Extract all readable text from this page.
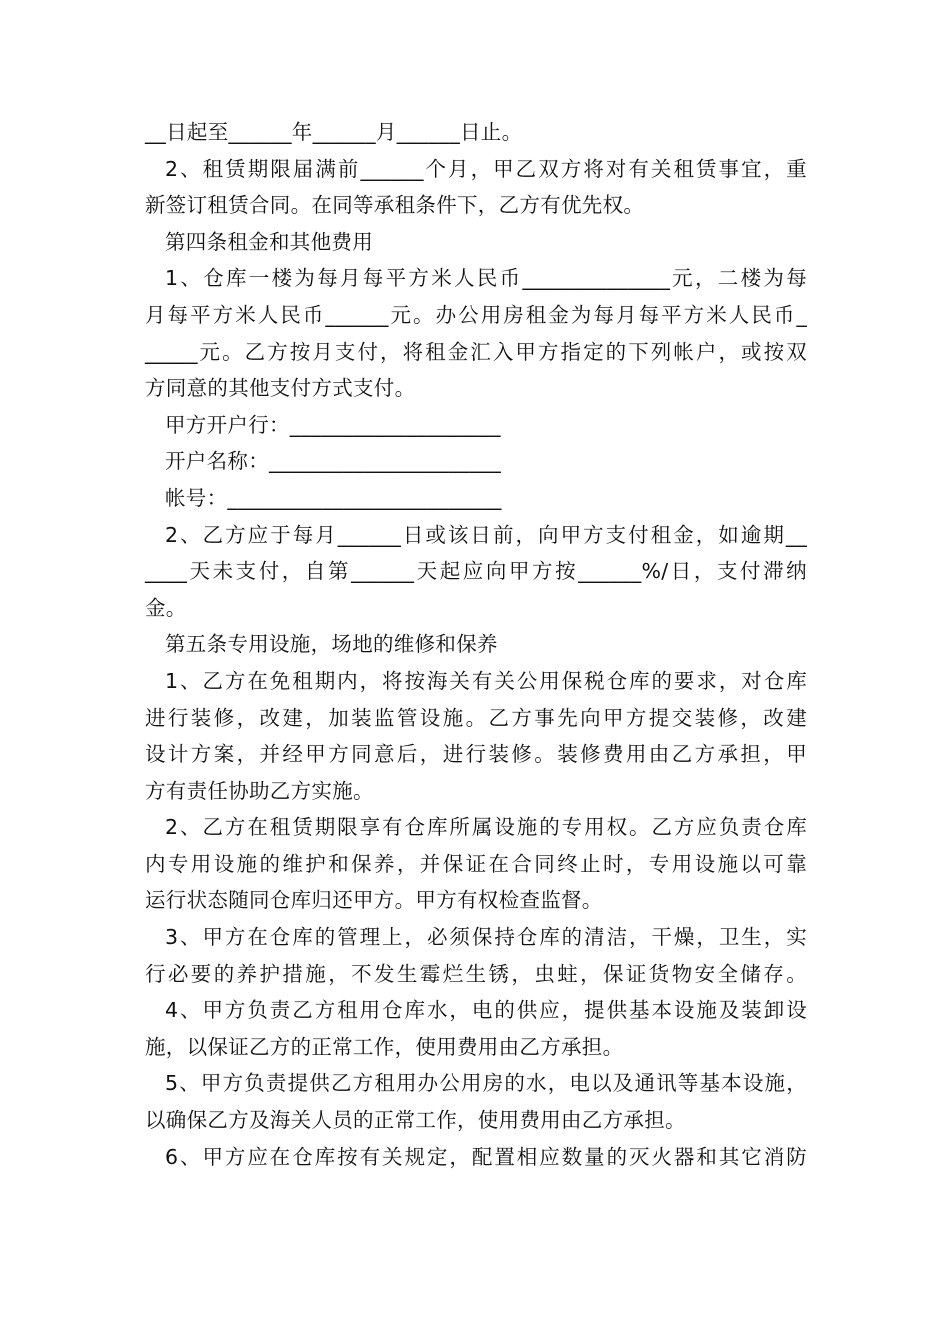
__日起至______年______月______日止。
2、租赁期限届满前______个月，甲乙双方将对有关租赁事宜，重
新签订租赁合同。在同等承租条件下，乙方有优先权。
第四条租金和其他费用
1、仓库一楼为每月每平方米人民币______________元，二楼为每
月每平方米人民币______元。办公用房租金为每月每平方米人民币_
_____元。乙方按月支付，将租金汇入甲方指定的下列帐户，或按双
方同意的其他支付方式支付。
甲方开户行：____________________
开户名称：______________________
帐号：__________________________
2、乙方应于每月______日或该日前，向甲方支付租金，如逾期__
____天未支付，自第______天起应向甲方按______%/日，支付滞纳
金。
第五条专用设施，场地的维修和保养
1、乙方在免租期内，将按海关有关公用保税仓库的要求，对仓库
进行装修，改建，加装监管设施。乙方事先向甲方提交装修，改建
设计方案，并经甲方同意后，进行装修。装修费用由乙方承担，甲
方有责任协助乙方实施。
2、乙方在租赁期限享有仓库所属设施的专用权。乙方应负责仓库
内专用设施的维护和保养，并保证在合同终止时，专用设施以可靠
运行状态随同仓库归还甲方。甲方有权检查监督。
3、甲方在仓库的管理上，必须保持仓库的清洁，干燥，卫生，实
行必要的养护措施，不发生霉烂生锈，虫蛀，保证货物安全储存。
4、甲方负责乙方租用仓库水，电的供应，提供基本设施及装卸设
施，以保证乙方的正常工作，使用费用由乙方承担。
5、甲方负责提供乙方租用办公用房的水，电以及通讯等基本设施，
以确保乙方及海关人员的正常工作，使用费用由乙方承担。
6、甲方应在仓库按有关规定，配置相应数量的灭火器和其它消防
